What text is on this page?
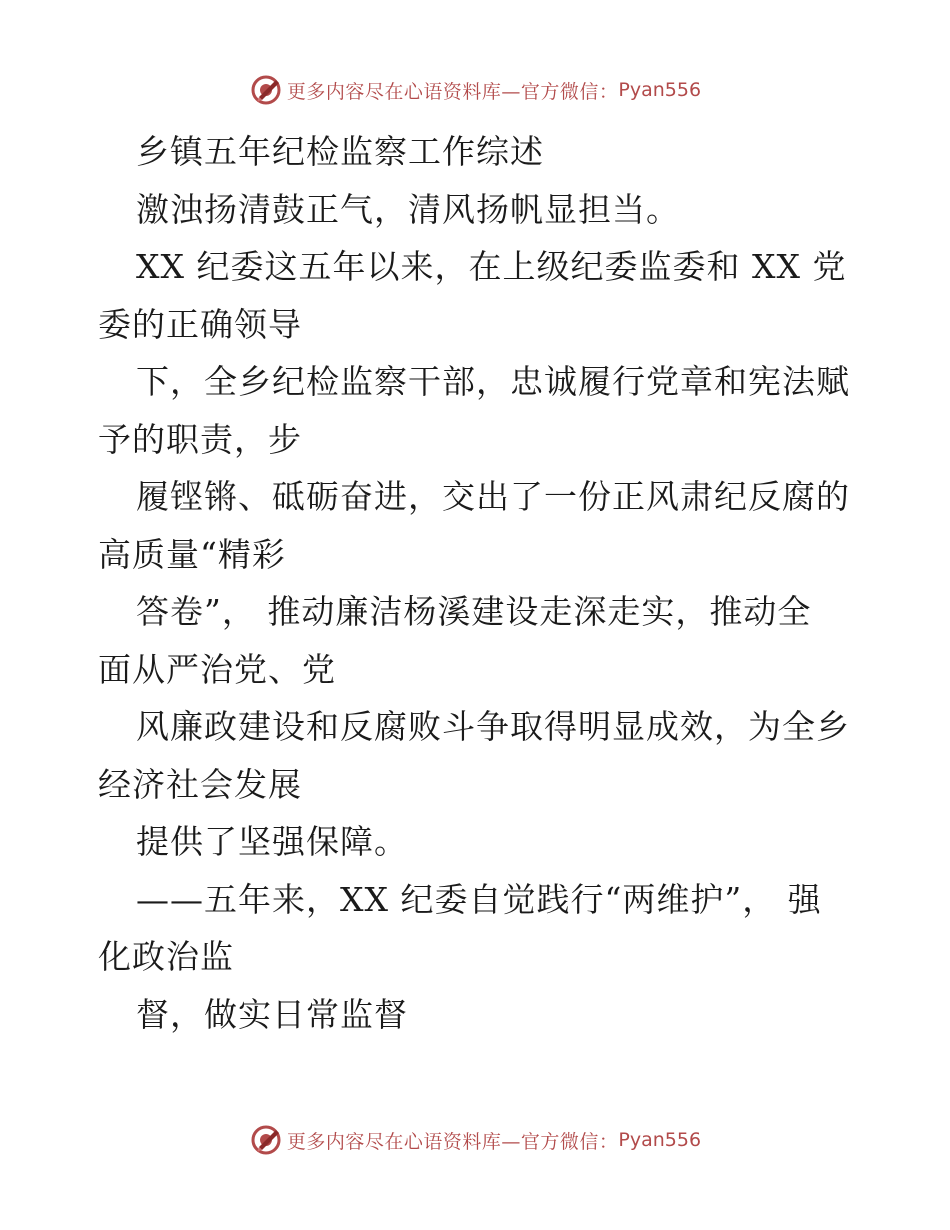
更多内容尽在心语资料库—官方微信： Pyan556
乡镇五年纪检监察工作综述
激浊扬清鼓正气，清风扬帆显担当。
XX 纪委这五年以来，在上级纪委监委和 XX 党
委的正确领导
下，全乡纪检监察干部，忠诚履行党章和宪法赋
予的职责，步
履铿锵、砥砺奋进，交出了一份正风肃纪反腐的
高质量“精彩
答卷”， 推动廉洁杨溪建设走深走实，推动全
面从严治党、党
风廉政建设和反腐败斗争取得明显成效，为全乡
经济社会发展
提供了坚强保障。
——五年来，XX 纪委自觉践行“两维护”， 强
化政治监
督，做实日常监督
更多内容尽在心语资料库—官方微信： Pyan556
